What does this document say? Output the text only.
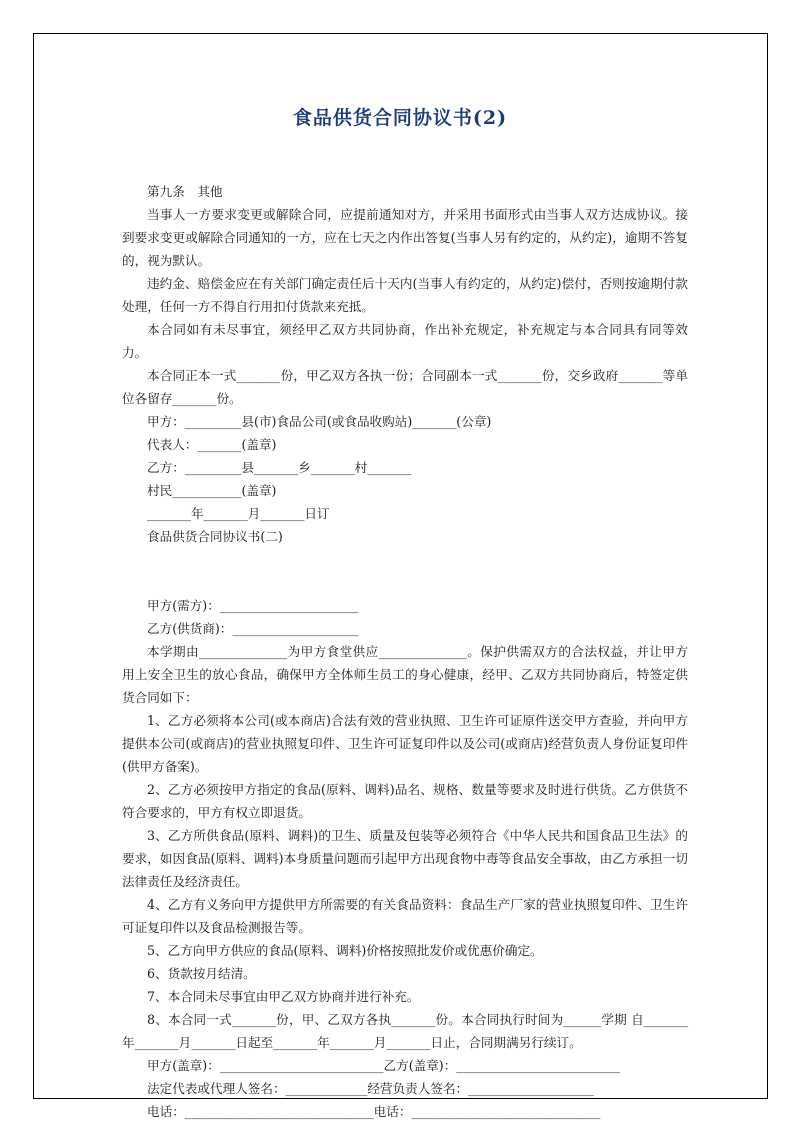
食品供货合同协议书(2)

第九条　其他

当事人一方要求变更或解除合同，应提前通知对方，并采用书面形式由当事人双方达成协议。接到要求变更或解除合同通知的一方，应在七天之内作出答复(当事人另有约定的，从约定)，逾期不答复的，视为默认。

违约金、赔偿金应在有关部门确定责任后十天内(当事人有约定的，从约定)偿付，否则按逾期付款处理，任何一方不得自行用扣付货款来充抵。

本合同如有未尽事宜，须经甲乙双方共同协商，作出补充规定，补充规定与本合同具有同等效力。

本合同正本一式_______份，甲乙双方各执一份；合同副本一式_______份，交乡政府_______等单位各留存_______份。

甲方：_________县(市)食品公司(或食品收购站)_______(公章)

代表人：_______(盖章)

乙方：_________县_______乡_______村_______

村民___________(盖章)

_______年_______月_______日订

食品供货合同协议书(二)

甲方(需方)：______________________

乙方(供货商)：____________________

本学期由______________为甲方食堂供应______________。保护供需双方的合法权益，并让甲方用上安全卫生的放心食品，确保甲方全体师生员工的身心健康，经甲、乙双方共同协商后，特签定供货合同如下：

1、乙方必须将本公司(或本商店)合法有效的营业执照、卫生许可证原件送交甲方查验，并向甲方提供本公司(或商店)的营业执照复印件、卫生许可证复印件以及公司(或商店)经营负责人身份证复印件(供甲方备案)。

2、乙方必须按甲方指定的食品(原料、调料)品名、规格、数量等要求及时进行供货。乙方供货不符合要求的，甲方有权立即退货。

3、乙方所供食品(原料、调料)的卫生、质量及包装等必须符合《中华人民共和国食品卫生法》的要求，如因食品(原料、调料)本身质量问题而引起甲方出现食物中毒等食品安全事故，由乙方承担一切法律责任及经济责任。

4、乙方有义务向甲方提供甲方所需要的有关食品资料：食品生产厂家的营业执照复印件、卫生许可证复印件以及食品检测报告等。

5、乙方向甲方供应的食品(原料、调料)价格按照批发价或优惠价确定。

6、货款按月结清。

7、本合同未尽事宜由甲乙双方协商并进行补充。

8、本合同一式_______份，甲、乙双方各执_______份。本合同执行时间为______学期 自_______年_______月_______日起至_______年_______月_______日止，合同期满另行续订。

甲方(盖章)：__________________________乙方(盖章)：__________________________

法定代表或代理人签名：_____________经营负责人签名：____________________

电话：______________________________电话：______________________________
